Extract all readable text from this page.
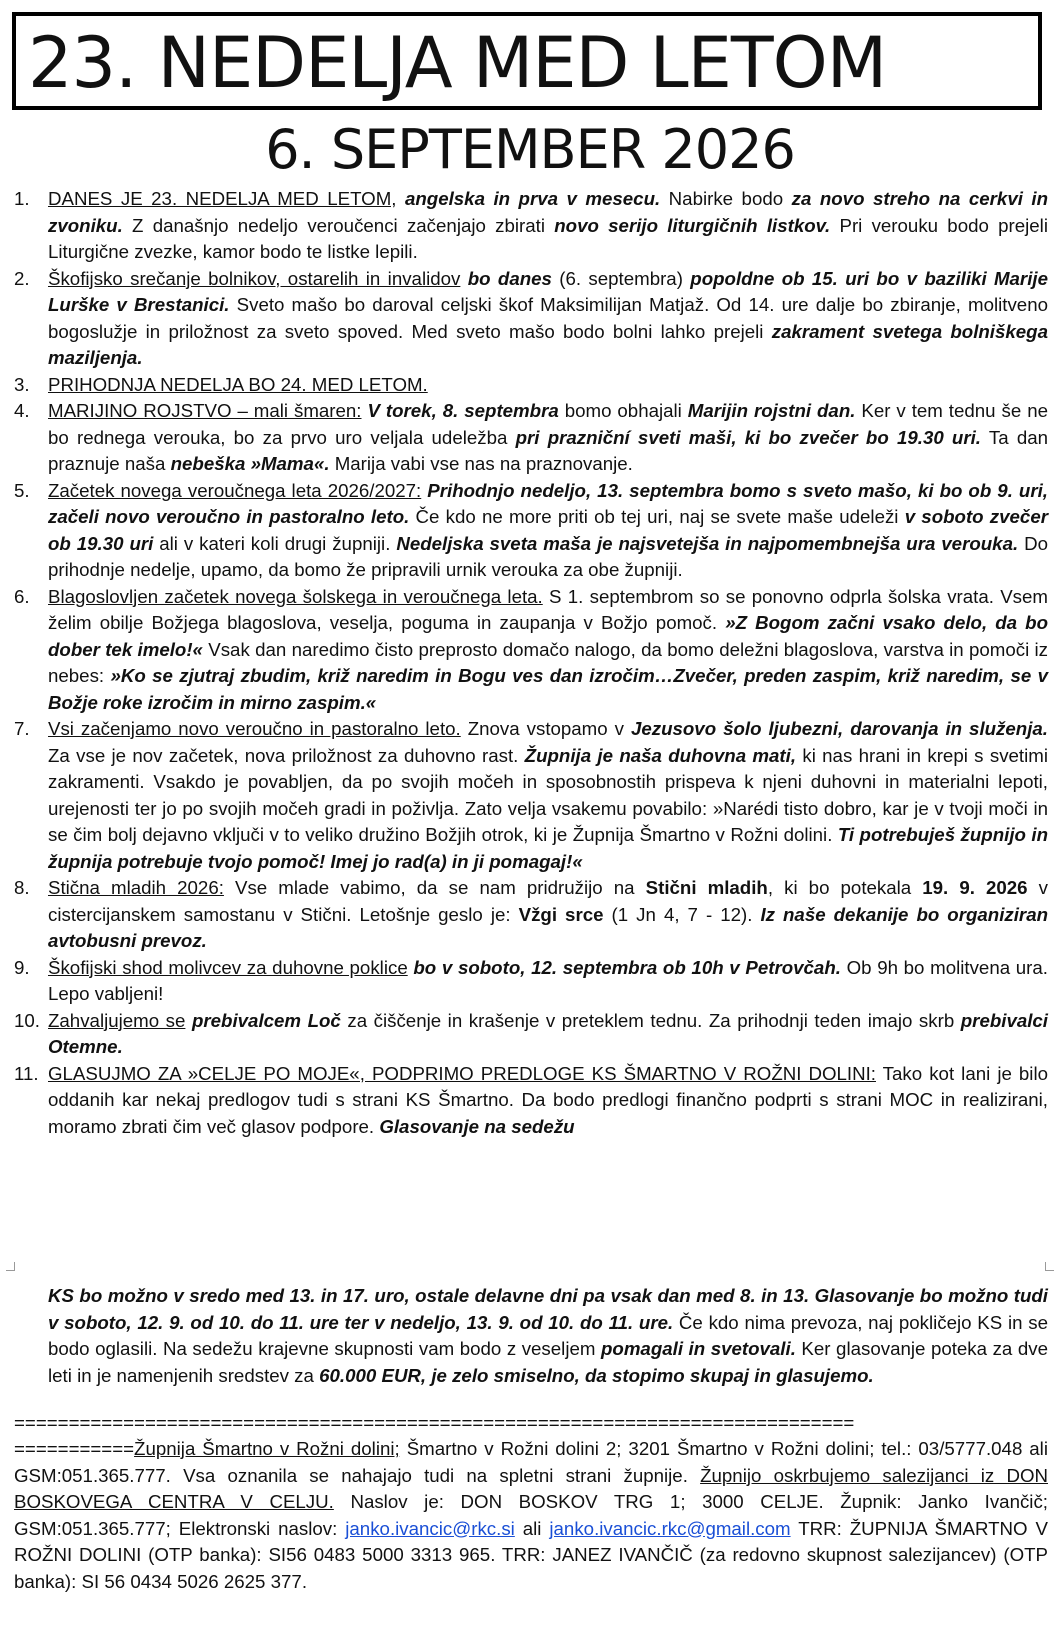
23. NEDELJA MED LETOM
6. SEPTEMBER 2026
1. DANES JE 23. NEDELJA MED LETOM, angelska in prva v mesecu. Nabirke bodo za novo streho na cerkvi in zvoniku. Z današnjo nedeljo veroučenci začenjajo zbirati novo serijo liturgičnih listkov. Pri verouku bodo prejeli Liturgične zvezke, kamor bodo te listke lepili.
2. Škofijsko srečanje bolnikov, ostarelih in invalidov bo danes (6. septembra) popoldne ob 15. uri bo v baziliki Marije Lurške v Brestanici. Sveto mašo bo daroval celjski škof Maksimilijan Matjaž. Od 14. ure dalje bo zbiranje, molitveno bogoslužje in priložnost za sveto spoved. Med sveto mašo bodo bolni lahko prejeli zakrament svetega bolniškega maziljenja.
3. PRIHODNJA NEDELJA BO 24. MED LETOM.
4. MARIJINO ROJSTVO – mali šmaren: V torek, 8. septembra bomo obhajali Marijin rojstni dan. Ker v tem tednu še ne bo rednega verouka, bo za prvo uro veljala udeležba pri prazniční sveti maši, ki bo zvečer bo 19.30 uri. Ta dan praznuje naša nebeška »Mama«. Marija vabi vse nas na praznovanje.
5. Začetek novega veroučnega leta 2026/2027: Prihodnjo nedeljo, 13. septembra bomo s sveto mašo, ki bo ob 9. uri, začeli novo veroučno in pastoralno leto. Če kdo ne more priti ob tej uri, naj se svete maše udeleži v soboto zvečer ob 19.30 uri ali v kateri koli drugi župniji. Nedeljska sveta maša je najsvetejša in najpomembnejša ura verouka. Do prihodnje nedelje, upamo, da bomo že pripravili urnik verouka za obe župniji.
6. Blagoslovljen začetek novega šolskega in veroučnega leta. S 1. septembrom so se ponovno odprla šolska vrata. Vsem želim obilje Božjega blagoslova, veselja, poguma in zaupanja v Božjo pomoč. »Z Bogom začni vsako delo, da bo dober tek imelo!« Vsak dan naredimo čisto preprosto domačo nalogo, da bomo deležni blagoslova, varstva in pomoči iz nebes: »Ko se zjutraj zbudim, križ naredim in Bogu ves dan izročim…Zvečer, preden zaspim, križ naredim, se v Božje roke izročim in mirno zaspim.«
7. Vsi začenjamo novo veroučno in pastoralno leto. Znova vstopamo v Jezusovo šolo ljubezni, darovanja in služenja. Za vse je nov začetek, nova priložnost za duhovno rast. Župnija je naša duhovna mati, ki nas hrani in krepi s svetimi zakramenti. Vsakdo je povabljen, da po svojih močeh in sposobnostih prispeva k njeni duhovni in materialni lepoti, urejenosti ter jo po svojih močeh gradi in poživlja. Zato velja vsakemu povabilo: »Narédi tisto dobro, kar je v tvoji moči in se čim bolj dejavno vključi v to veliko družino Božjih otrok, ki je Župnija Šmartno v Rožni dolini. Ti potrebuješ župnijo in župnija potrebuje tvojo pomoč! Imej jo rad(a) in ji pomagaj!«
8. Stična mladih 2026: Vse mlade vabimo, da se nam pridružijo na Stični mladih, ki bo potekala 19. 9. 2026 v cistercijanskem samostanu v Stični. Letošnje geslo je: Vžgi srce (1 Jn 4, 7 - 12). Iz naše dekanije bo organiziran avtobusni prevoz.
9. Škofijski shod molivcev za duhovne poklice bo v soboto, 12. septembra ob 10h v Petrovčah. Ob 9h bo molitvena ura. Lepo vabljeni!
10. Zahvaljujemo se prebivalcem Loč za čiščenje in krašenje v preteklem tednu. Za prihodnji teden imajo skrb prebivalci Otemne.
11. GLASUJMO ZA »CELJE PO MOJE«, PODPRIMO PREDLOGE KS ŠMARTNO V ROŽNI DOLINI: Tako kot lani je bilo oddanih kar nekaj predlogov tudi s strani KS Šmartno. Da bodo predlogi finančno podprti s strani MOC in realizirani, moramo zbrati čim več glasov podpore. Glasovanje na sedežu
KS bo možno v sredo med 13. in 17. uro, ostale delavne dni pa vsak dan med 8. in 13. Glasovanje bo možno tudi v soboto, 12. 9. od 10. do 11. ure ter v nedeljo, 13. 9. od 10. do 11. ure. Če kdo nima prevoza, naj pokličejo KS in se bodo oglasili. Na sedežu krajevne skupnosti vam bodo z veseljem pomagali in svetovali. Ker glasovanje poteka za dve leti in je namenjenih sredstev za 60.000 EUR, je zelo smiselno, da stopimo skupaj in glasujemo.
=============================================================================
===========Župnija Šmartno v Rožni dolini; Šmartno v Rožni dolini 2; 3201 Šmartno v Rožni dolini; tel.: 03/5777.048 ali GSM:051.365.777. Vsa oznanila se nahajajo tudi na spletni strani župnije. Župnijo oskrbujemo salezijanci iz DON BOSKOVEGA CENTRA V CELJU. Naslov je: DON BOSKOV TRG 1; 3000 CELJE. Župnik: Janko Ivančič; GSM:051.365.777; Elektronski naslov: janko.ivancic@rkc.si ali janko.ivancic.rkc@gmail.com TRR: ŽUPNIJA ŠMARTNO V ROŽNI DOLINI (OTP banka): SI56 0483 5000 3313 965. TRR: JANEZ IVANČIČ (za redovno skupnost salezijancev) (OTP banka): SI 56 0434 5026 2625 377.
